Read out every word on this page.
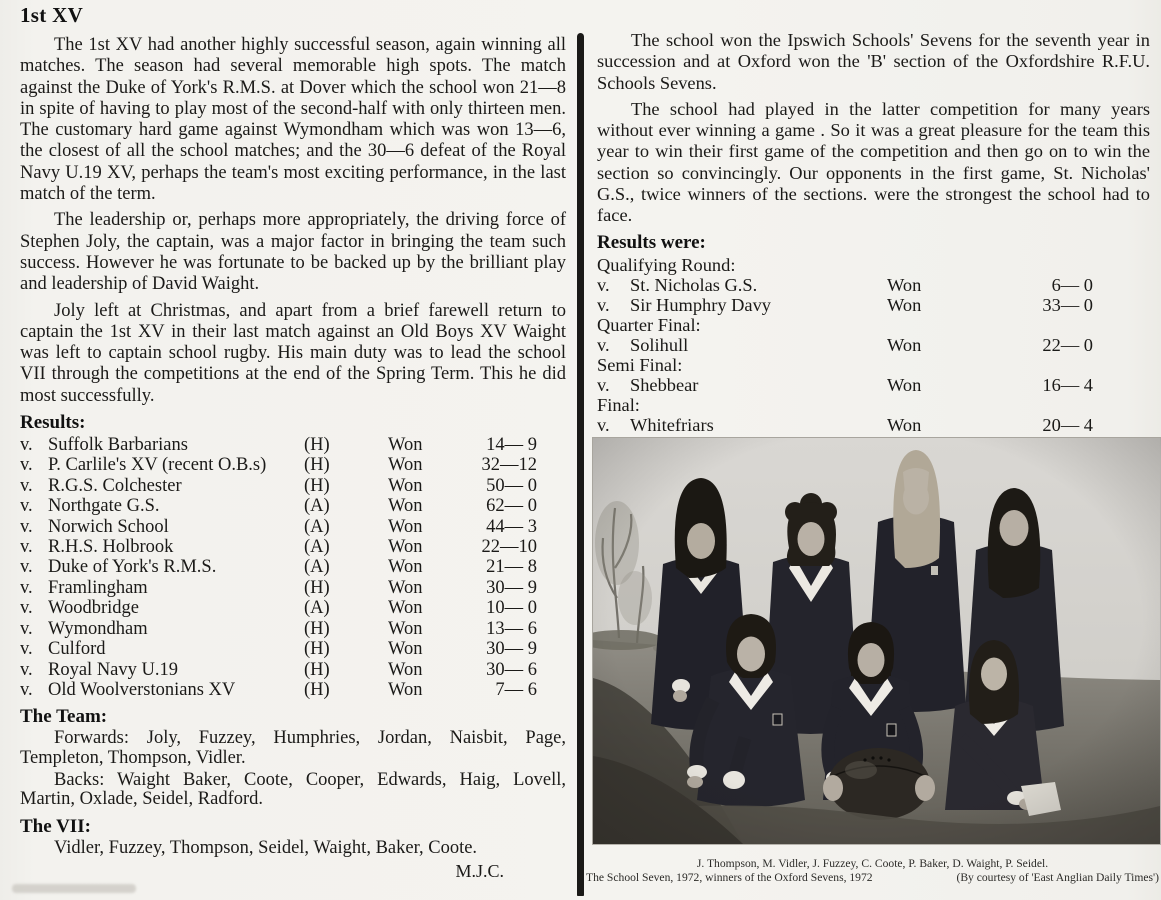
1st XV

The 1st XV had another highly successful season, again winning all matches. The season had several memorable high spots. The match against the Duke of York's R.M.S. at Dover which the school won 21—8 in spite of having to play most of the second-half with only thirteen men. The customary hard game against Wymondham which was won 13—6, the closest of all the school matches; and the 30—6 defeat of the Royal Navy U.19 XV, perhaps the team's most exciting performance, in the last match of the term.

The leadership or, perhaps more appropriately, the driving force of Stephen Joly, the captain, was a major factor in bringing the team such success. However he was fortunate to be backed up by the brilliant play and leadership of David Waight.

Joly left at Christmas, and apart from a brief farewell return to captain the 1st XV in their last match against an Old Boys XV Waight was left to captain school rugby. His main duty was to lead the school VII through the competitions at the end of the Spring Term. This he did most successfully.

Results:
v. Suffolk Barbarians	(H)	Won	14— 9
v. P. Carlile's XV (recent O.B.s)	(H)	Won	32—12
v. R.G.S. Colchester	(H)	Won	50— 0
v. Northgate G.S.	(A)	Won	62— 0
v. Norwich School	(A)	Won	44— 3
v. R.H.S. Holbrook	(A)	Won	22—10
v. Duke of York's R.M.S.	(A)	Won	21— 8
v. Framlingham	(H)	Won	30— 9
v. Woodbridge	(A)	Won	10— 0
v. Wymondham	(H)	Won	13— 6
v. Culford	(H)	Won	30— 9
v. Royal Navy U.19	(H)	Won	30— 6
v. Old Woolverstonians XV	(H)	Won	7— 6
The Team:

Forwards: Joly, Fuzzey, Humphries, Jordan, Naisbit, Page, Templeton, Thompson, Vidler.

Backs: Waight Baker, Coote, Cooper, Edwards, Haig, Lovell, Martin, Oxlade, Seidel, Radford.

The VII:

Vidler, Fuzzey, Thompson, Seidel, Waight, Baker, Coote.

M.J.C.

The school won the Ipswich Schools' Sevens for the seventh year in succession and at Oxford won the 'B' section of the Oxfordshire R.F.U. Schools Sevens.

The school had played in the latter competition for many years without ever winning a game . So it was a great pleasure for the team this year to win their first game of the competition and then go on to win the section so convincingly. Our opponents in the first game, St. Nicholas' G.S., twice winners of the sections. were the strongest the school had to face.

Results were:
Qualifying Round:
v.	St. Nicholas G.S.	Won	6— 0
v.	Sir Humphry Davy	Won	33— 0
Quarter Final:
v.	Solihull	Won	22— 0
Semi Final:
v.	Shebbear	Won	16— 4
Final:
v.	Whitefriars	Won	20— 4
J. Thompson, M. Vidler, J. Fuzzey, C. Coote, P. Baker, D. Waight, P. Seidel.
The School Seven, 1972, winners of the Oxford Sevens, 1972	(By courtesy of 'East Anglian Daily Times')
